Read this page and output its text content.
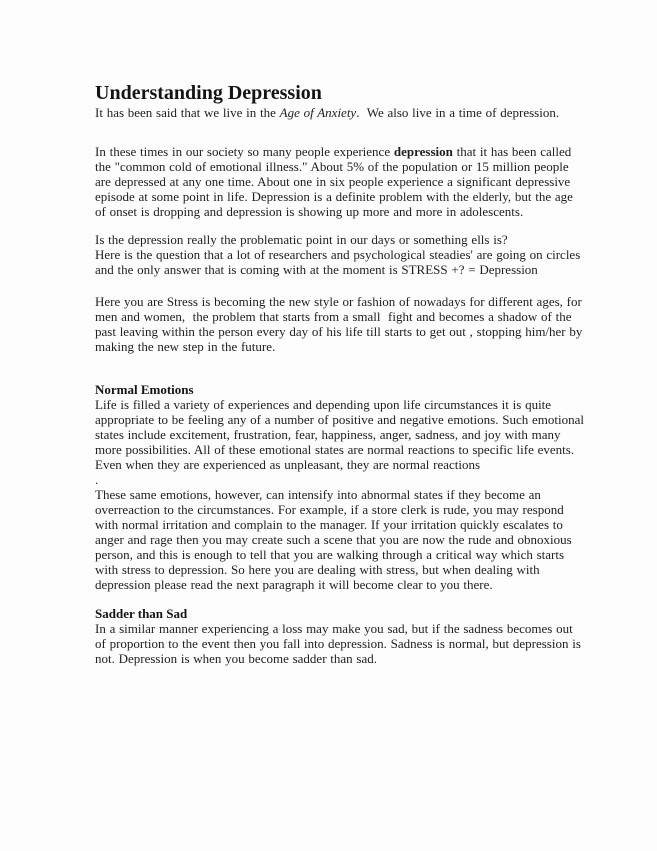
Understanding Depression

It has been said that we live in the Age of Anxiety.  We also live in a time of depression.

In these times in our society so many people experience depression that it has been called the "common cold of emotional illness." About 5% of the population or 15 million people are depressed at any one time. About one in six people experience a significant depressive episode at some point in life. Depression is a definite problem with the elderly, but the age of onset is dropping and depression is showing up more and more in adolescents.

Is the depression really the problematic point in our days or something ells is?
Here is the question that a lot of researchers and psychological steadies' are going on circles and the only answer that is coming with at the moment is STRESS +? = Depression

Here you are Stress is becoming the new style or fashion of nowadays for different ages, for men and women,  the problem that starts from a small  fight and becomes a shadow of the past leaving within the person every day of his life till starts to get out , stopping him/her by making the new step in the future.

Normal Emotions

Life is filled a variety of experiences and depending upon life circumstances it is quite appropriate to be feeling any of a number of positive and negative emotions. Such emotional states include excitement, frustration, fear, happiness, anger, sadness, and joy with many more possibilities. All of these emotional states are normal reactions to specific life events. Even when they are experienced as unpleasant, they are normal reactions

.

These same emotions, however, can intensify into abnormal states if they become an overreaction to the circumstances. For example, if a store clerk is rude, you may respond with normal irritation and complain to the manager. If your irritation quickly escalates to anger and rage then you may create such a scene that you are now the rude and obnoxious person, and this is enough to tell that you are walking through a critical way which starts with stress to depression. So here you are dealing with stress, but when dealing with depression please read the next paragraph it will become clear to you there.

Sadder than Sad

In a similar manner experiencing a loss may make you sad, but if the sadness becomes out of proportion to the event then you fall into depression. Sadness is normal, but depression is not. Depression is when you become sadder than sad.
